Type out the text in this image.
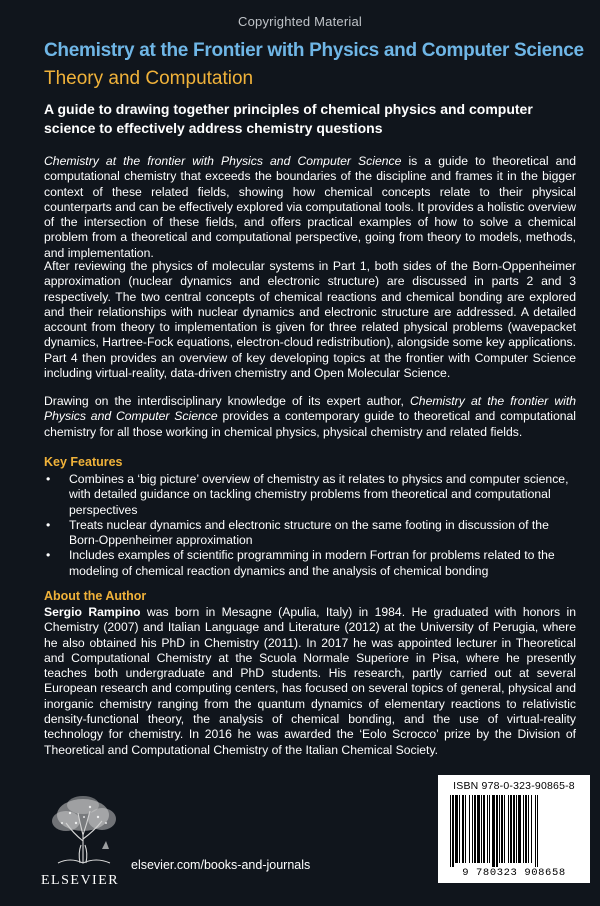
Copyrighted Material
Chemistry at the Frontier with Physics and Computer Science
Theory and Computation
A guide to drawing together principles of chemical physics and computer science to effectively address chemistry questions

Chemistry at the frontier with Physics and Computer Science is a guide to theoretical and computational chemistry that exceeds the boundaries of the discipline and frames it in the bigger context of these related fields, showing how chemical concepts relate to their physical counterparts and can be effectively explored via computational tools. It provides a holistic overview of the intersection of these fields, and offers practical examples of how to solve a chemical problem from a theoretical and computational perspective, going from theory to models, methods, and implementation.

After reviewing the physics of molecular systems in Part 1, both sides of the Born-Oppenheimer approximation (nuclear dynamics and electronic structure) are discussed in parts 2 and 3 respectively. The two central concepts of chemical reactions and chemical bonding are explored and their relationships with nuclear dynamics and electronic structure are addressed. A detailed account from theory to implementation is given for three related physical problems (wavepacket dynamics, Hartree-Fock equations, electron-cloud redistribution), alongside some key applications. Part 4 then provides an overview of key developing topics at the frontier with Computer Science including virtual-reality, data-driven chemistry and Open Molecular Science.

Drawing on the interdisciplinary knowledge of its expert author, Chemistry at the frontier with Physics and Computer Science provides a contemporary guide to theoretical and computational chemistry for all those working in chemical physics, physical chemistry and related fields.

Key Features
• Combines a ‘big picture’ overview of chemistry as it relates to physics and computer science, with detailed guidance on tackling chemistry problems from theoretical and computational perspectives
• Treats nuclear dynamics and electronic structure on the same footing in discussion of the Born-Oppenheimer approximation
• Includes examples of scientific programming in modern Fortran for problems related to the modeling of chemical reaction dynamics and the analysis of chemical bonding
About the Author

Sergio Rampino was born in Mesagne (Apulia, Italy) in 1984. He graduated with honors in Chemistry (2007) and Italian Language and Literature (2012) at the University of Perugia, where he also obtained his PhD in Chemistry (2011). In 2017 he was appointed lecturer in Theoretical and Computational Chemistry at the Scuola Normale Superiore in Pisa, where he presently teaches both undergraduate and PhD students. His research, partly carried out at several European research and computing centers, has focused on several topics of general, physical and inorganic chemistry ranging from the quantum dynamics of elementary reactions to relativistic density-functional theory, the analysis of chemical bonding, and the use of virtual-reality technology for chemistry. In 2016 he was awarded the ‘Eolo Scrocco’ prize by the Division of Theoretical and Computational Chemistry of the Italian Chemical Society.

ELSEVIER
elsevier.com/books-and-journals
ISBN 978-0-323-90865-8
9 780323 908658
